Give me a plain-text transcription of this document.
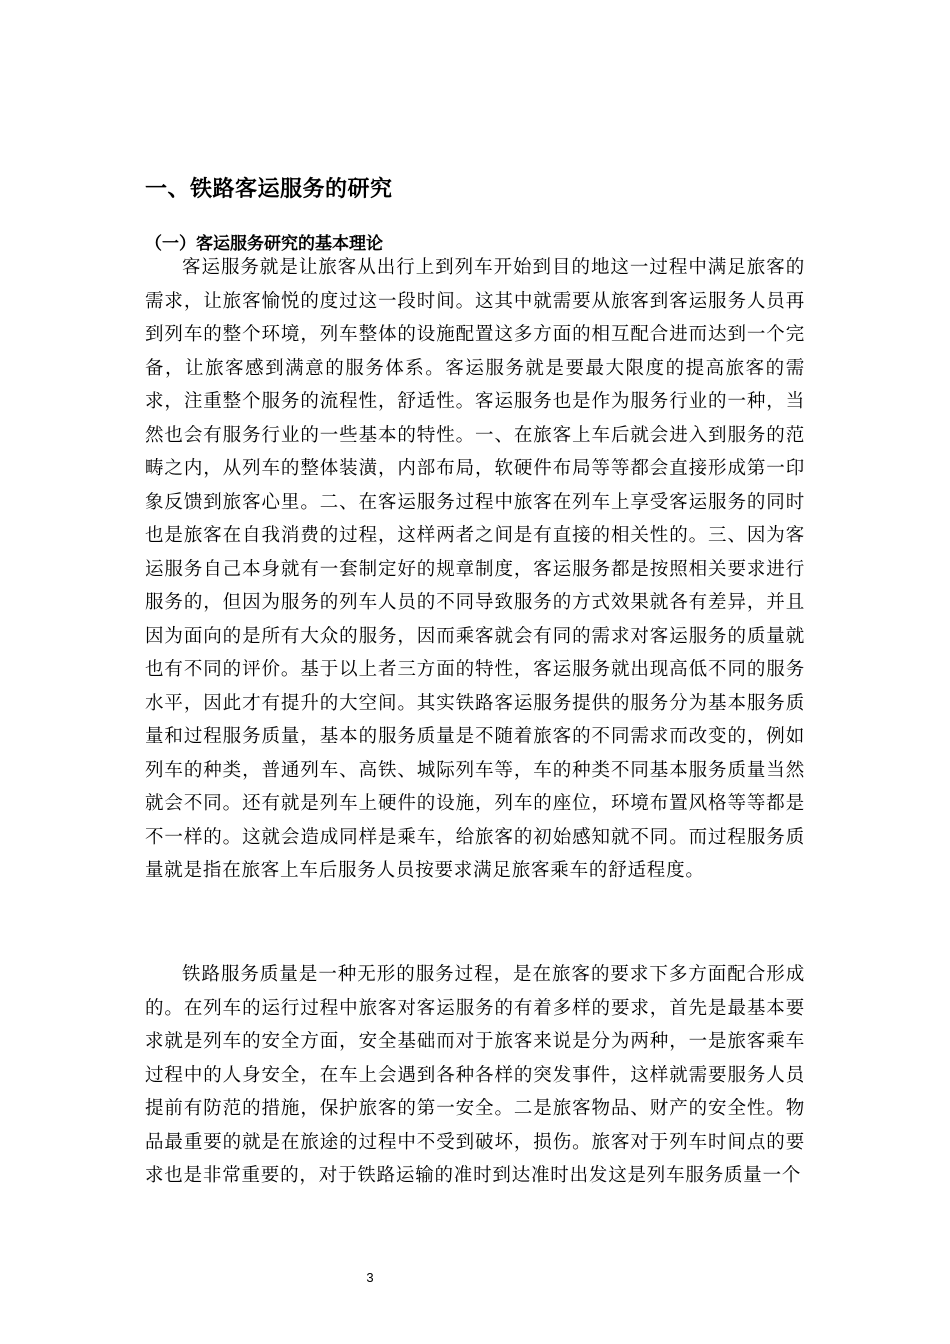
一、铁路客运服务的研究
（一）客运服务研究的基本理论

客运服务就是让旅客从出行上到列车开始到目的地这一过程中满足旅客的需求，让旅客愉悦的度过这一段时间。这其中就需要从旅客到客运服务人员再到列车的整个环境，列车整体的设施配置这多方面的相互配合进而达到一个完备，让旅客感到满意的服务体系。客运服务就是要最大限度的提高旅客的需求，注重整个服务的流程性，舒适性。客运服务也是作为服务行业的一种，当然也会有服务行业的一些基本的特性。一、在旅客上车后就会进入到服务的范畴之内，从列车的整体装潢，内部布局，软硬件布局等等都会直接形成第一印象反馈到旅客心里。二、在客运服务过程中旅客在列车上享受客运服务的同时也是旅客在自我消费的过程，这样两者之间是有直接的相关性的。三、因为客运服务自己本身就有一套制定好的规章制度，客运服务都是按照相关要求进行服务的，但因为服务的列车人员的不同导致服务的方式效果就各有差异，并且因为面向的是所有大众的服务，因而乘客就会有同的需求对客运服务的质量就也有不同的评价。基于以上者三方面的特性，客运服务就出现高低不同的服务水平，因此才有提升的大空间。其实铁路客运服务提供的服务分为基本服务质量和过程服务质量，基本的服务质量是不随着旅客的不同需求而改变的，例如列车的种类，普通列车、高铁、城际列车等，车的种类不同基本服务质量当然就会不同。还有就是列车上硬件的设施，列车的座位，环境布置风格等等都是不一样的。这就会造成同样是乘车，给旅客的初始感知就不同。而过程服务质量就是指在旅客上车后服务人员按要求满足旅客乘车的舒适程度。

铁路服务质量是一种无形的服务过程，是在旅客的要求下多方面配合形成的。在列车的运行过程中旅客对客运服务的有着多样的要求，首先是最基本要求就是列车的安全方面，安全基础而对于旅客来说是分为两种，一是旅客乘车过程中的人身安全，在车上会遇到各种各样的突发事件，这样就需要服务人员提前有防范的措施，保护旅客的第一安全。二是旅客物品、财产的安全性。物品最重要的就是在旅途的过程中不受到破坏，损伤。旅客对于列车时间点的要求也是非常重要的，对于铁路运输的准时到达准时出发这是列车服务质量一个

3
